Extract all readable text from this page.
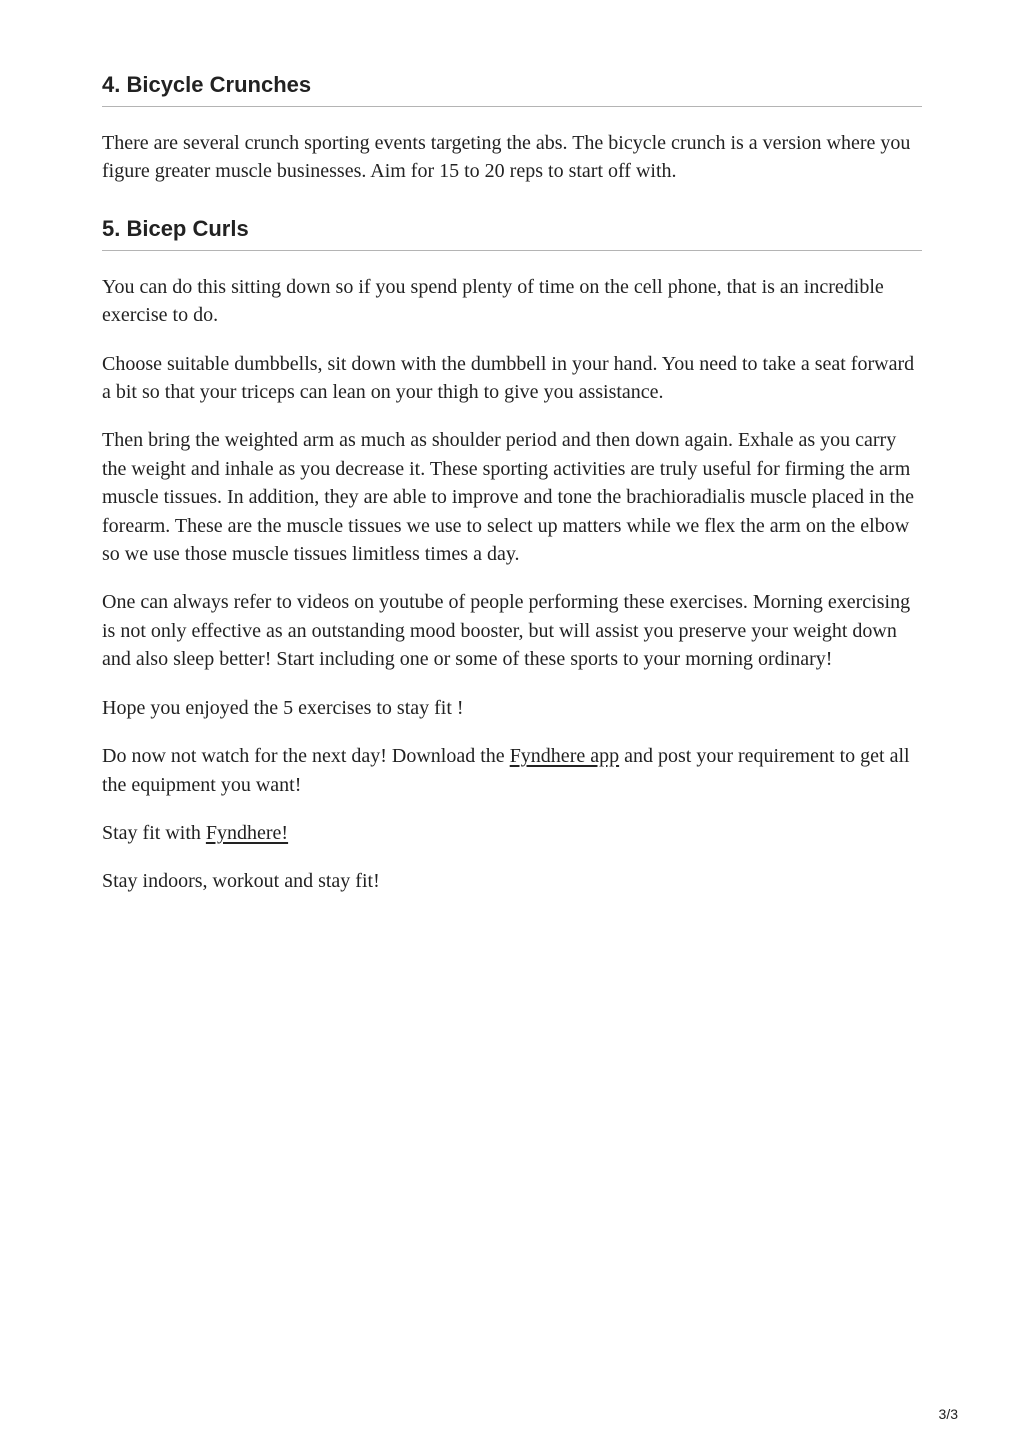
4. Bicycle Crunches

There are several crunch sporting events targeting the abs. The bicycle crunch is a version where you figure greater muscle businesses. Aim for 15 to 20 reps to start off with.

5. Bicep Curls

You can do this sitting down so if you spend plenty of time on the cell phone, that is an incredible exercise to do.

Choose suitable dumbbells, sit down with the dumbbell in your hand. You need to take a seat forward a bit so that your triceps can lean on your thigh to give you assistance.

Then bring the weighted arm as much as shoulder period and then down again. Exhale as you carry the weight and inhale as you decrease it. These sporting activities are truly useful for firming the arm muscle tissues. In addition, they are able to improve and tone the brachioradialis muscle placed in the forearm. These are the muscle tissues we use to select up matters while we flex the arm on the elbow so we use those muscle tissues limitless times a day.

One can always refer to videos on youtube of people performing these exercises. Morning exercising is not only effective as an outstanding mood booster, but will assist you preserve your weight down and also sleep better! Start including one or some of these sports to your morning ordinary!

Hope you enjoyed the 5 exercises to stay fit !

Do now not watch for the next day! Download the Fyndhere app and post your requirement to get all the equipment you want!

Stay fit with Fyndhere!

Stay indoors, workout and stay fit!

3/3
